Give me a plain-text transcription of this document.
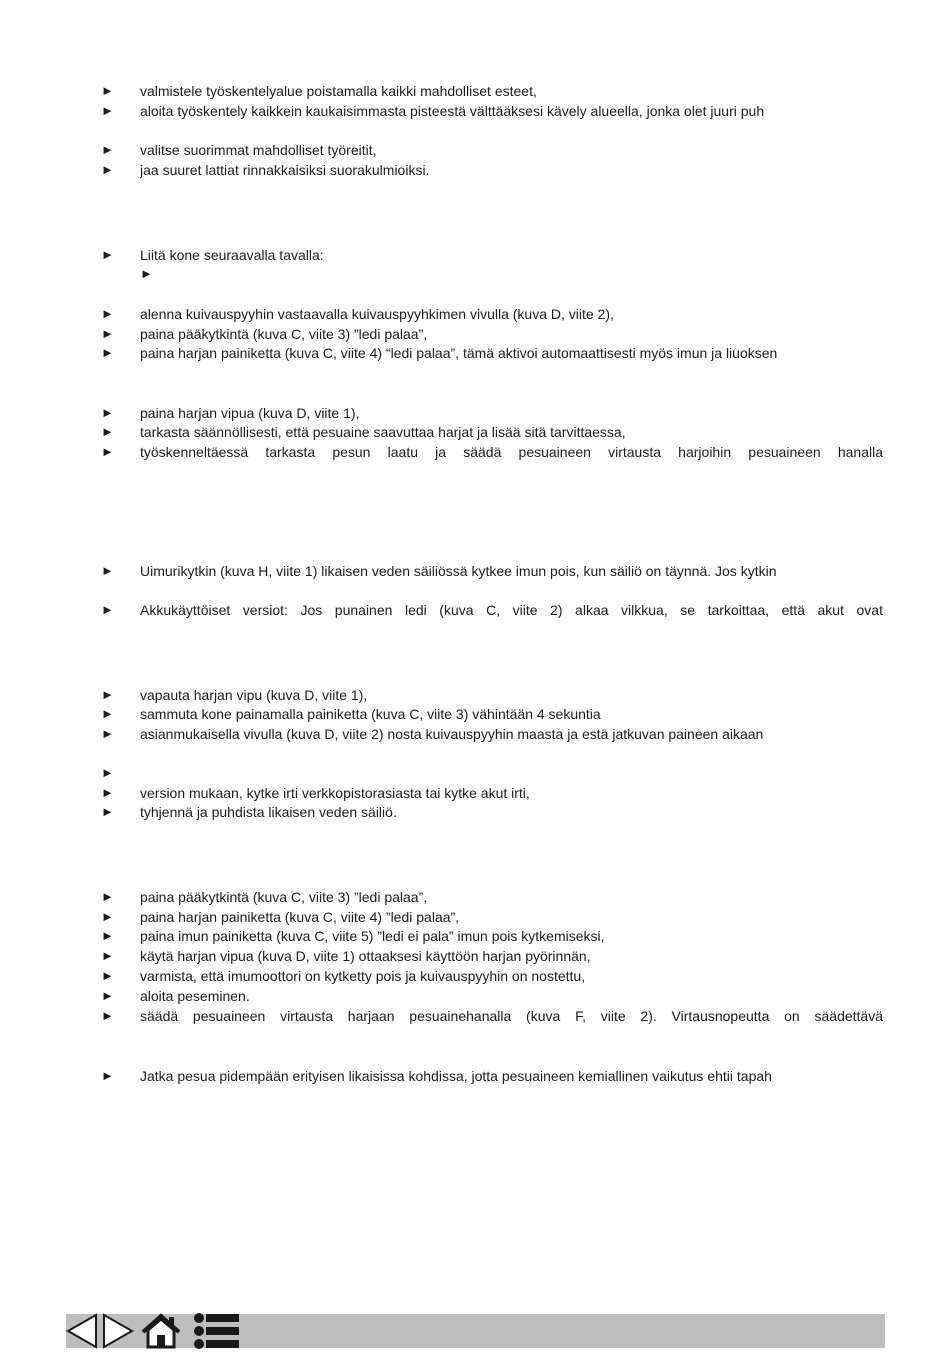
► valmistele työskentelyalue poistamalla kaikki mahdolliset esteet,
► aloita työskentely kaikkein kaukaisimmasta pisteestä välttääksesi kävely alueella, jonka olet juuri puh
► valitse suorimmat mahdolliset työreitit,
► jaa suuret lattiat rinnakkaisiksi suorakulmioiksi.
► Liitä kone seuraavalla tavalla:
►
► alenna kuivauspyyhin vastaavalla kuivauspyyhkimen vivulla (kuva D, viite 2),
► paina pääkytkintä (kuva C, viite 3) ”ledi palaa”,
► paina harjan painiketta (kuva C, viite 4) “ledi palaa”, tämä aktivoi automaattisesti myös imun ja liuoksen
► paina harjan vipua (kuva D, viite 1),
► tarkasta säännöllisesti, että pesuaine saavuttaa harjat ja lisää sitä tarvittaessa,
► työskenneltäessä tarkasta pesun laatu ja säädä pesuaineen virtausta harjoihin pesuaineen hanalla
► Uimurikytkin (kuva H, viite 1) likaisen veden säiliössä kytkee imun pois, kun säiliö on täynnä. Jos kytkin
► Akkukäyttöiset versiot: Jos punainen ledi (kuva C, viite 2) alkaa vilkkua, se tarkoittaa, että akut ovat
► vapauta harjan vipu (kuva D, viite 1),
► sammuta kone painamalla painiketta (kuva C, viite 3) vähintään 4 sekuntia
► asianmukaisella vivulla (kuva D, viite 2) nosta kuivauspyyhin maasta ja estä jatkuvan paineen aikaan
►
► version mukaan, kytke irti verkkopistorasiasta tai kytke akut irti,
► tyhjennä ja puhdista likaisen veden säiliö.
► paina pääkytkintä (kuva C, viite 3) ”ledi palaa”,
► paina harjan painiketta (kuva C, viite 4) ”ledi palaa”,
► paina imun painiketta (kuva C, viite 5) ”ledi ei pala” imun pois kytkemiseksi,
► käytä harjan vipua (kuva D, viite 1) ottaaksesi käyttöön harjan pyörinnän,
► varmista, että imumoottori on kytketty pois ja kuivauspyyhin on nostettu,
► aloita peseminen.
► säädä pesuaineen virtausta harjaan pesuainehanalla (kuva F, viite 2). Virtausnopeutta on säädettävä
► Jatka pesua pidempään erityisen likaisissa kohdissa, jotta pesuaineen kemiallinen vaikutus ehtii tapah
